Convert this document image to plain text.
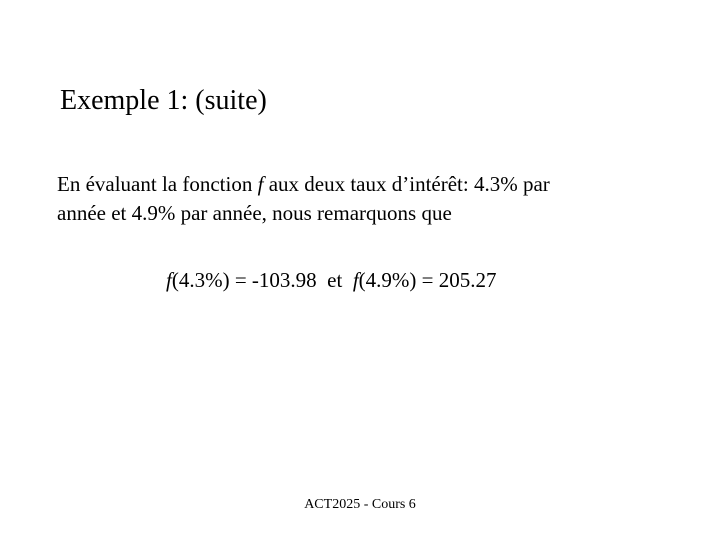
Exemple 1: (suite)
En évaluant la fonction f aux deux taux d’intérêt: 4.3% par
année et 4.9% par année, nous remarquons que
f(4.3%) = -103.98  et  f(4.9%) = 205.27
ACT2025 - Cours 6
